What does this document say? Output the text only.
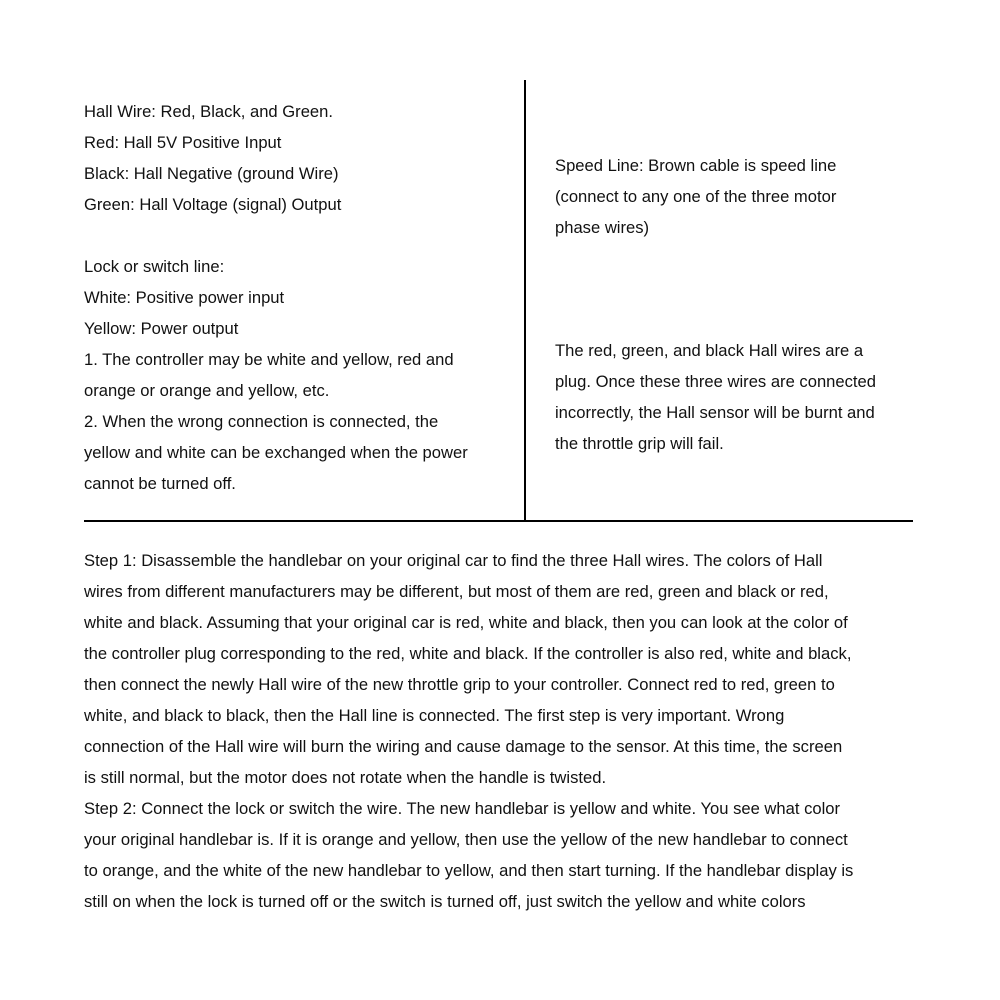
Hall Wire: Red, Black, and Green.
Red: Hall 5V Positive Input
Black: Hall Negative (ground Wire)
Green: Hall Voltage (signal) Output
Lock or switch line:
White: Positive power input
Yellow: Power output
1. The controller may be white and yellow, red and
orange or orange and yellow, etc.
2. When the wrong connection is connected, the
yellow and white can be exchanged when the power
cannot be turned off.
Speed Line: Brown cable is speed line
(connect to any one of the three motor
phase wires)
The red, green, and black Hall wires are a
plug. Once these three wires are connected
incorrectly, the Hall sensor will be burnt and
the throttle grip will fail.
Step 1: Disassemble the handlebar on your original car to find the three Hall wires. The colors of Hall
wires from different manufacturers may be different, but most of them are red, green and black or red,
white and black. Assuming that your original car is red, white and black, then you can look at the color of
the controller plug corresponding to the red, white and black. If the controller is also red, white and black,
then connect the newly Hall wire of the new throttle grip to your controller. Connect red to red, green to
white, and black to black, then the Hall line is connected. The first step is very important. Wrong
connection of the Hall wire will burn the wiring and cause damage to the sensor. At this time, the screen
is still normal, but the motor does not rotate when the handle is twisted.
Step 2: Connect the lock or switch the wire. The new handlebar is yellow and white. You see what color
your original handlebar is. If it is orange and yellow, then use the yellow of the new handlebar to connect
to orange, and the white of the new handlebar to yellow, and then start turning. If the handlebar display is
still on when the lock is turned off or the switch is turned off, just switch the yellow and white colors
